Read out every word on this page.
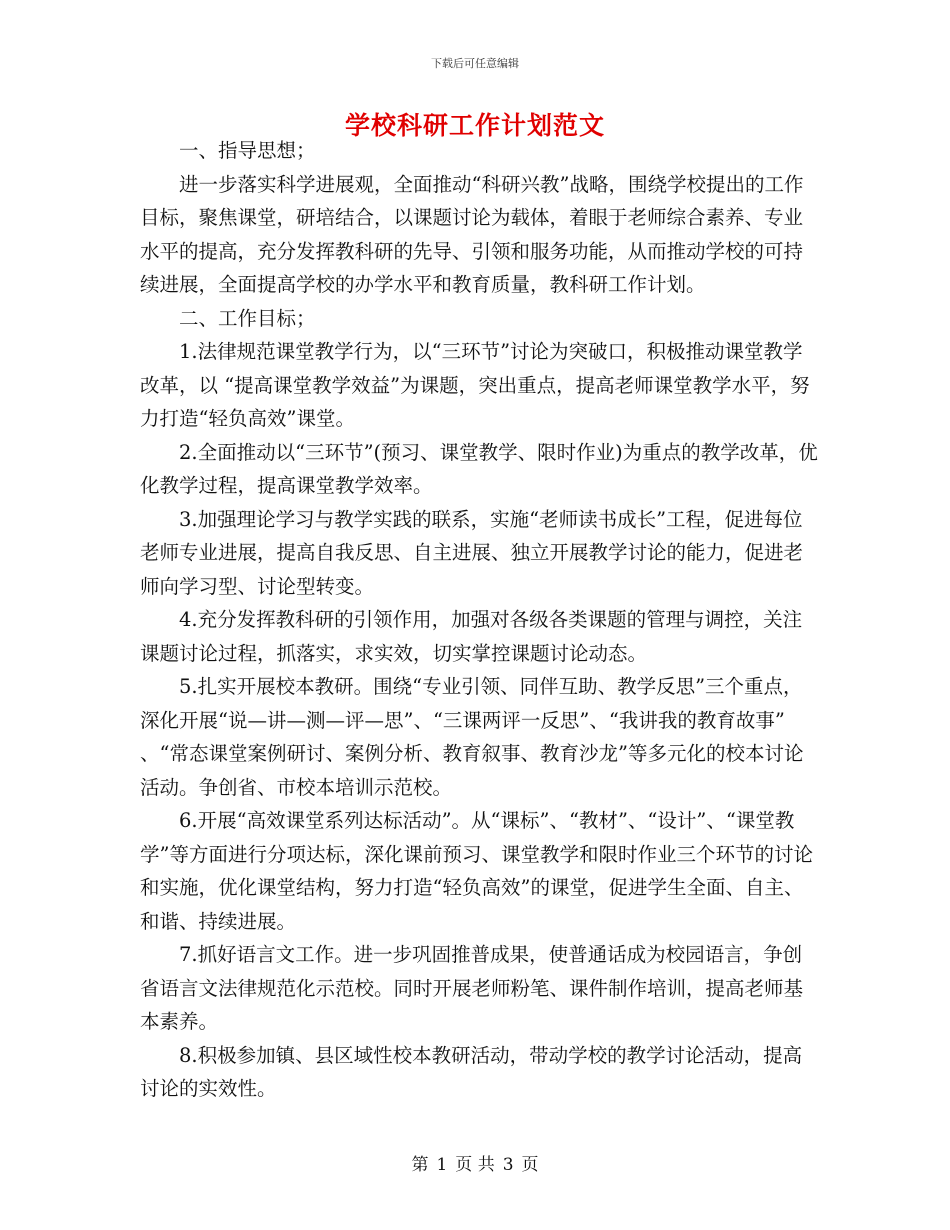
下载后可任意编辑
学校科研工作计划范文

一、指导思想；

进一步落实科学进展观，全面推动“科研兴教”战略，围绕学校提出的工作目标，聚焦课堂，研培结合，以课题讨论为载体，着眼于老师综合素养、专业水平的提高，充分发挥教科研的先导、引领和服务功能，从而推动学校的可持续进展，全面提高学校的办学水平和教育质量，教科研工作计划。

二、工作目标；

1.法律规范课堂教学行为，以“三环节”讨论为突破口，积极推动课堂教学改革，以 “提高课堂教学效益”为课题，突出重点，提高老师课堂教学水平，努力打造“轻负高效”课堂。

2.全面推动以“三环节”(预习、课堂教学、限时作业)为重点的教学改革，优化教学过程，提高课堂教学效率。

3.加强理论学习与教学实践的联系，实施“老师读书成长”工程，促进每位老师专业进展，提高自我反思、自主进展、独立开展教学讨论的能力，促进老师向学习型、讨论型转变。

4.充分发挥教科研的引领作用，加强对各级各类课题的管理与调控，关注课题讨论过程，抓落实，求实效，切实掌控课题讨论动态。

5.扎实开展校本教研。围绕“专业引领、同伴互助、教学反思”三个重点，深化开展“说—讲—测—评—思”、“三课两评一反思”、“我讲我的教育故事” 、“常态课堂案例研讨、案例分析、教育叙事、教育沙龙”等多元化的校本讨论活动。争创省、市校本培训示范校。

6.开展“高效课堂系列达标活动”。从“课标”、“教材”、“设计”、“课堂教学”等方面进行分项达标，深化课前预习、课堂教学和限时作业三个环节的讨论和实施，优化课堂结构，努力打造“轻负高效”的课堂，促进学生全面、自主、和谐、持续进展。

7.抓好语言文工作。进一步巩固推普成果，使普通话成为校园语言，争创省语言文法律规范化示范校。同时开展老师粉笔、课件制作培训，提高老师基本素养。

8.积极参加镇、县区域性校本教研活动，带动学校的教学讨论活动，提高讨论的实效性。

第 1 页 共 3 页
